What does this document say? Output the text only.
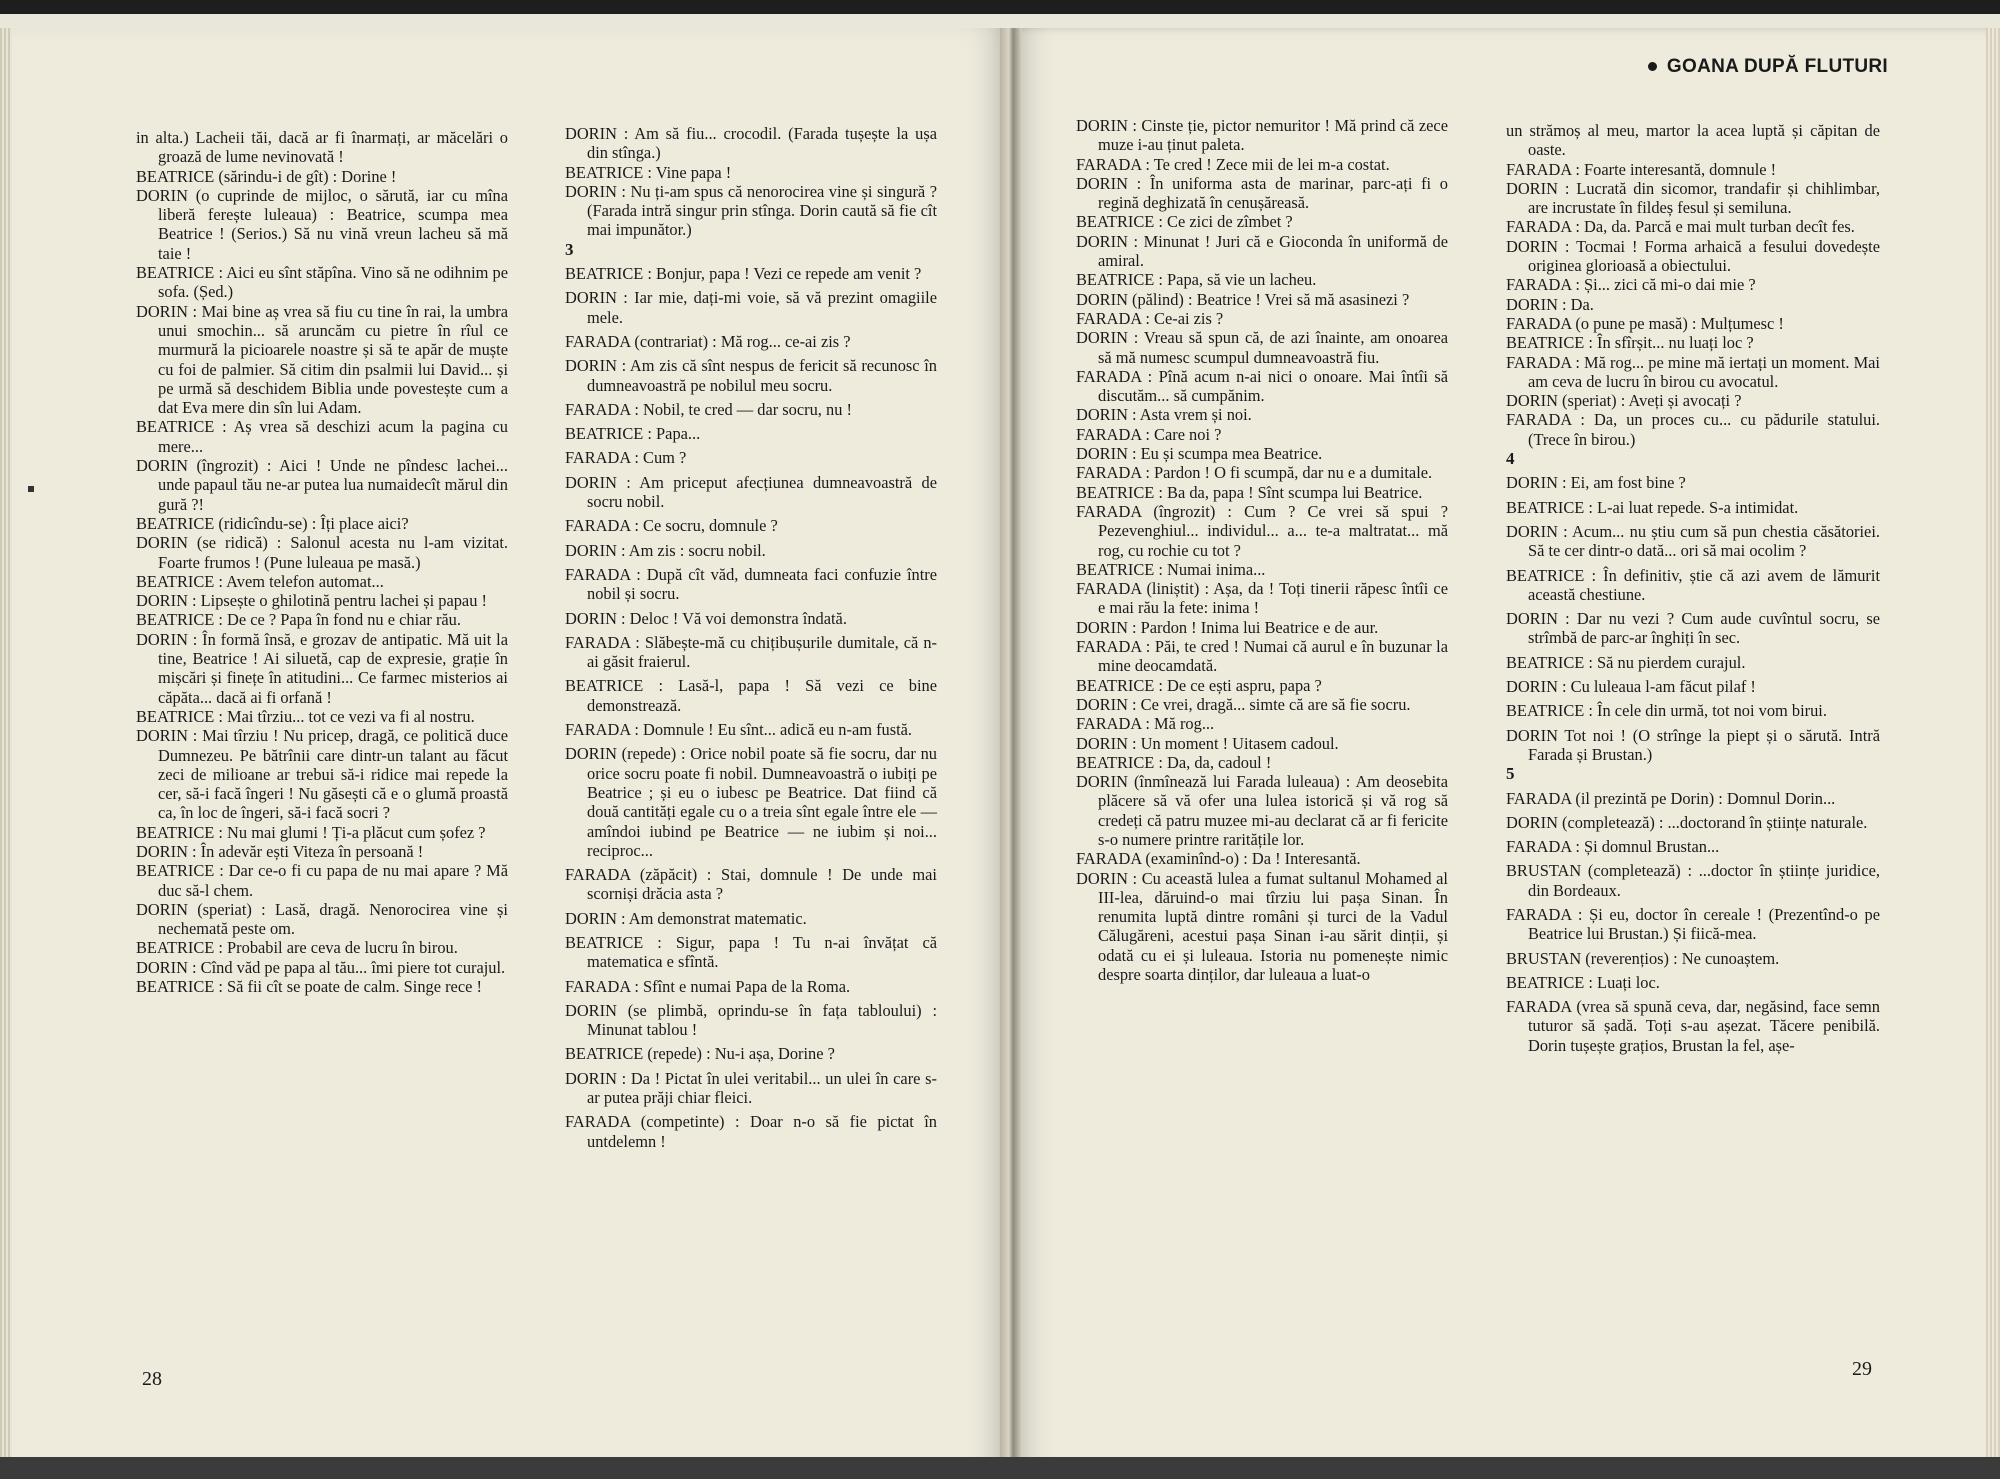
in alta.) Lacheii tăi, dacă ar fi înarmați, ar măcelări o groază de lume nevinovată !

BEATRICE (sărindu-i de gît) : Dorine !

DORIN (o cuprinde de mijloc, o sărută, iar cu mîna liberă ferește luleaua) : Beatrice, scumpa mea Beatrice ! (Serios.) Să nu vină vreun lacheu să mă taie !

BEATRICE : Aici eu sînt stăpîna. Vino să ne odihnim pe sofa. (Șed.)

DORIN : Mai bine aș vrea să fiu cu tine în rai, la umbra unui smochin... să aruncăm cu pietre în rîul ce murmură la picioarele noastre și să te apăr de muște cu foi de palmier. Să citim din psalmii lui David... și pe urmă să deschidem Biblia unde povestește cum a dat Eva mere din sîn lui Adam.

BEATRICE : Aș vrea să deschizi acum la pagina cu mere...

DORIN (îngrozit) : Aici ! Unde ne pîndesc lachei... unde papaul tău ne-ar putea lua numaidecît mărul din gură ?!

BEATRICE (ridicîndu-se) : Îți place aici?

DORIN (se ridică) : Salonul acesta nu l-am vizitat. Foarte frumos ! (Pune luleaua pe masă.)

BEATRICE : Avem telefon automat...

DORIN : Lipsește o ghilotină pentru lachei și papau !

BEATRICE : De ce ? Papa în fond nu e chiar rău.

DORIN : În formă însă, e grozav de antipatic. Mă uit la tine, Beatrice ! Ai siluetă, cap de expresie, grație în mișcări și finețe în atitudini... Ce farmec misterios ai căpăta... dacă ai fi orfană !

BEATRICE : Mai tîrziu... tot ce vezi va fi al nostru.

DORIN : Mai tîrziu ! Nu pricep, dragă, ce politică duce Dumnezeu. Pe bătrînii care dintr-un talant au făcut zeci de milioane ar trebui să-i ridice mai repede la cer, să-i facă îngeri ! Nu găsești că e o glumă proastă ca, în loc de îngeri, să-i facă socri ?

BEATRICE : Nu mai glumi ! Ți-a plăcut cum șofez ?

DORIN : În adevăr ești Viteza în persoană !

BEATRICE : Dar ce-o fi cu papa de nu mai apare ? Mă duc să-l chem.

DORIN (speriat) : Lasă, dragă. Nenorocirea vine și nechemată peste om.

BEATRICE : Probabil are ceva de lucru în birou.

DORIN : Cînd văd pe papa al tău... îmi piere tot curajul.

BEATRICE : Să fii cît se poate de calm. Singe rece !

DORIN : Am să fiu... crocodil. (Farada tușește la ușa din stînga.)

BEATRICE : Vine papa !

DORIN : Nu ți-am spus că nenorocirea vine și singură ? (Farada intră singur prin stînga. Dorin caută să fie cît mai impunător.)

3

BEATRICE : Bonjur, papa ! Vezi ce repede am venit ?

DORIN : Iar mie, dați-mi voie, să vă prezint omagiile mele.

FARADA (contrariat) : Mă rog... ce-ai zis ?

DORIN : Am zis că sînt nespus de fericit să recunosc în dumneavoastră pe nobilul meu socru.

FARADA : Nobil, te cred — dar socru, nu !

BEATRICE : Papa...

FARADA : Cum ?

DORIN : Am priceput afecțiunea dumneavoastră de socru nobil.

FARADA : Ce socru, domnule ?

DORIN : Am zis : socru nobil.

FARADA : După cît văd, dumneata faci confuzie între nobil și socru.

DORIN : Deloc ! Vă voi demonstra îndată.

FARADA : Slăbește-mă cu chițibușurile dumitale, că n-ai găsit fraierul.

BEATRICE : Lasă-l, papa ! Să vezi ce bine demonstrează.

FARADA : Domnule ! Eu sînt... adică eu n-am fustă.

DORIN (repede) : Orice nobil poate să fie socru, dar nu orice socru poate fi nobil. Dumneavoastră o iubiți pe Beatrice ; și eu o iubesc pe Beatrice. Dat fiind că două cantități egale cu o a treia sînt egale între ele — amîndoi iubind pe Beatrice — ne iubim și noi... reciproc...

FARADA (zăpăcit) : Stai, domnule ! De unde mai scorniși drăcia asta ?

DORIN : Am demonstrat matematic.

BEATRICE : Sigur, papa ! Tu n-ai învățat că matematica e sfîntă.

FARADA : Sfînt e numai Papa de la Roma.

DORIN (se plimbă, oprindu-se în fața tabloului) : Minunat tablou !

BEATRICE (repede) : Nu-i așa, Dorine ?

DORIN : Da ! Pictat în ulei veritabil... un ulei în care s-ar putea prăji chiar fleici.

FARADA (competinte) : Doar n-o să fie pictat în untdelemn !

28
GOANA DUPĂ FLUTURI

DORIN : Cinste ție, pictor nemuritor ! Mă prind că zece muze i-au ținut paleta.

FARADA : Te cred ! Zece mii de lei m-a costat.

DORIN : În uniforma asta de marinar, parc-ați fi o regină deghizată în cenușăreasă.

BEATRICE : Ce zici de zîmbet ?

DORIN : Minunat ! Juri că e Gioconda în uniformă de amiral.

BEATRICE : Papa, să vie un lacheu.

DORIN (pălind) : Beatrice ! Vrei să mă asasinezi ?

FARADA : Ce-ai zis ?

DORIN : Vreau să spun că, de azi înainte, am onoarea să mă numesc scumpul dumneavoastră fiu.

FARADA : Pînă acum n-ai nici o onoare. Mai întîi să discutăm... să cumpănim.

DORIN : Asta vrem și noi.

FARADA : Care noi ?

DORIN : Eu și scumpa mea Beatrice.

FARADA : Pardon ! O fi scumpă, dar nu e a dumitale.

BEATRICE : Ba da, papa ! Sînt scumpa lui Beatrice.

FARADA (îngrozit) : Cum ? Ce vrei să spui ? Pezevenghiul... individul... a... te-a maltratat... mă rog, cu rochie cu tot ?

BEATRICE : Numai inima...

FARADA (liniștit) : Așa, da ! Toți tinerii răpesc întîi ce e mai rău la fete: inima !

DORIN : Pardon ! Inima lui Beatrice e de aur.

FARADA : Păi, te cred ! Numai că aurul e în buzunar la mine deocamdată.

BEATRICE : De ce ești aspru, papa ?

DORIN : Ce vrei, dragă... simte că are să fie socru.

FARADA : Mă rog...

DORIN : Un moment ! Uitasem cadoul.

BEATRICE : Da, da, cadoul !

DORIN (înmînează lui Farada luleaua) : Am deosebita plăcere să vă ofer una lulea istorică și vă rog să credeți că patru muzee mi-au declarat că ar fi fericite s-o numere printre raritățile lor.

FARADA (examinînd-o) : Da ! Interesantă.

DORIN : Cu această lulea a fumat sultanul Mohamed al III-lea, dăruind-o mai tîrziu lui pașa Sinan. În renumita luptă dintre români și turci de la Vadul Călugăreni, acestui pașa Sinan i-au sărit dinții, și odată cu ei și luleaua. Istoria nu pomenește nimic despre soarta dinților, dar luleaua a luat-o

un strămoș al meu, martor la acea luptă și căpitan de oaste.

FARADA : Foarte interesantă, domnule !

DORIN : Lucrată din sicomor, trandafir și chihlimbar, are incrustate în fildeș fesul și semiluna.

FARADA : Da, da. Parcă e mai mult turban decît fes.

DORIN : Tocmai ! Forma arhaică a fesului dovedește originea glorioasă a obiectului.

FARADA : Și... zici că mi-o dai mie ?

DORIN : Da.

FARADA (o pune pe masă) : Mulțumesc !

BEATRICE : În sfîrșit... nu luați loc ?

FARADA : Mă rog... pe mine mă iertați un moment. Mai am ceva de lucru în birou cu avocatul.

DORIN (speriat) : Aveți și avocați ?

FARADA : Da, un proces cu... cu pădurile statului. (Trece în birou.)

4

DORIN : Ei, am fost bine ?

BEATRICE : L-ai luat repede. S-a intimidat.

DORIN : Acum... nu știu cum să pun chestia căsătoriei. Să te cer dintr-o dată... ori să mai ocolim ?

BEATRICE : În definitiv, știe că azi avem de lămurit această chestiune.

DORIN : Dar nu vezi ? Cum aude cuvîntul socru, se strîmbă de parc-ar înghiți în sec.

BEATRICE : Să nu pierdem curajul.

DORIN : Cu luleaua l-am făcut pilaf !

BEATRICE : În cele din urmă, tot noi vom birui.

DORIN Tot noi ! (O strînge la piept și o sărută. Intră Farada și Brustan.)

5

FARADA (il prezintă pe Dorin) : Domnul Dorin...

DORIN (completează) : ...doctorand în științe naturale.

FARADA : Și domnul Brustan...

BRUSTAN (completează) : ...doctor în științe juridice, din Bordeaux.

FARADA : Și eu, doctor în cereale ! (Prezentînd-o pe Beatrice lui Brustan.) Și fiică-mea.

BRUSTAN (reverențios) : Ne cunoaștem.

BEATRICE : Luați loc.

FARADA (vrea să spună ceva, dar, negăsind, face semn tuturor să șadă. Toți s-au așezat. Tăcere penibilă. Dorin tușește grațios, Brustan la fel, așe-

29
